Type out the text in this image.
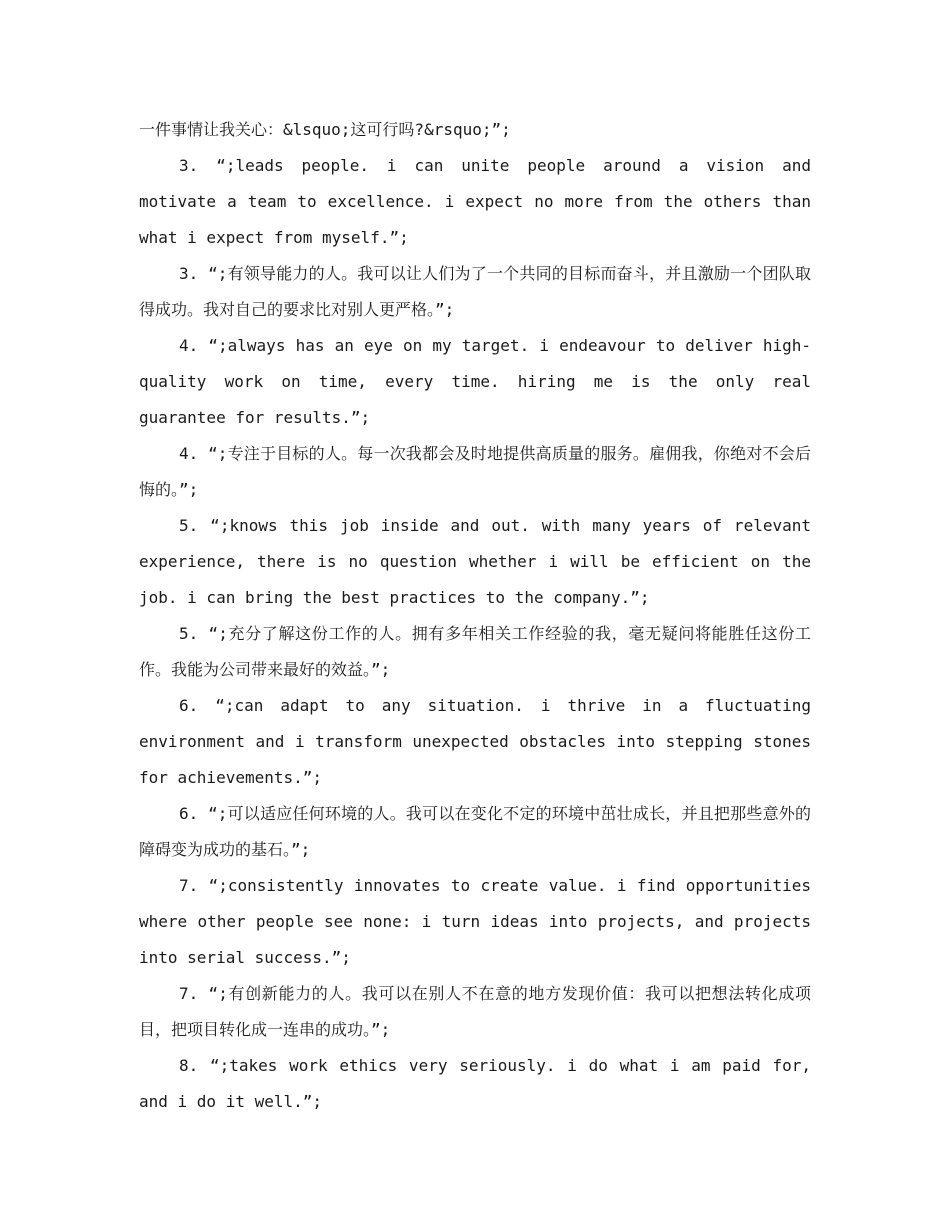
一件事情让我关心：&lsquo;这可行吗?&rsquo;”;

3. “;leads people. i can unite people around a vision and motivate a team to excellence. i expect no more from the others than what i expect from myself.”;

3. “;有领导能力的人。我可以让人们为了一个共同的目标而奋斗，并且激励一个团队取得成功。我对自己的要求比对别人更严格。”;

4. “;always has an eye on my target. i endeavour to deliver high-quality work on time, every time. hiring me is the only real guarantee for results.”;

4. “;专注于目标的人。每一次我都会及时地提供高质量的服务。雇佣我，你绝对不会后悔的。”;

5. “;knows this job inside and out. with many years of relevant experience, there is no question whether i will be efficient on the job. i can bring the best practices to the company.”;

5. “;充分了解这份工作的人。拥有多年相关工作经验的我，毫无疑问将能胜任这份工作。我能为公司带来最好的效益。”;

6. “;can adapt to any situation. i thrive in a fluctuating environment and i transform unexpected obstacles into stepping stones for achievements.”;

6. “;可以适应任何环境的人。我可以在变化不定的环境中茁壮成长，并且把那些意外的障碍变为成功的基石。”;

7. “;consistently innovates to create value. i find opportunities where other people see none: i turn ideas into projects, and projects into serial success.”;

7. “;有创新能力的人。我可以在别人不在意的地方发现价值：我可以把想法转化成项目，把项目转化成一连串的成功。”;

8. “;takes work ethics very seriously. i do what i am paid for, and i do it well.”;
